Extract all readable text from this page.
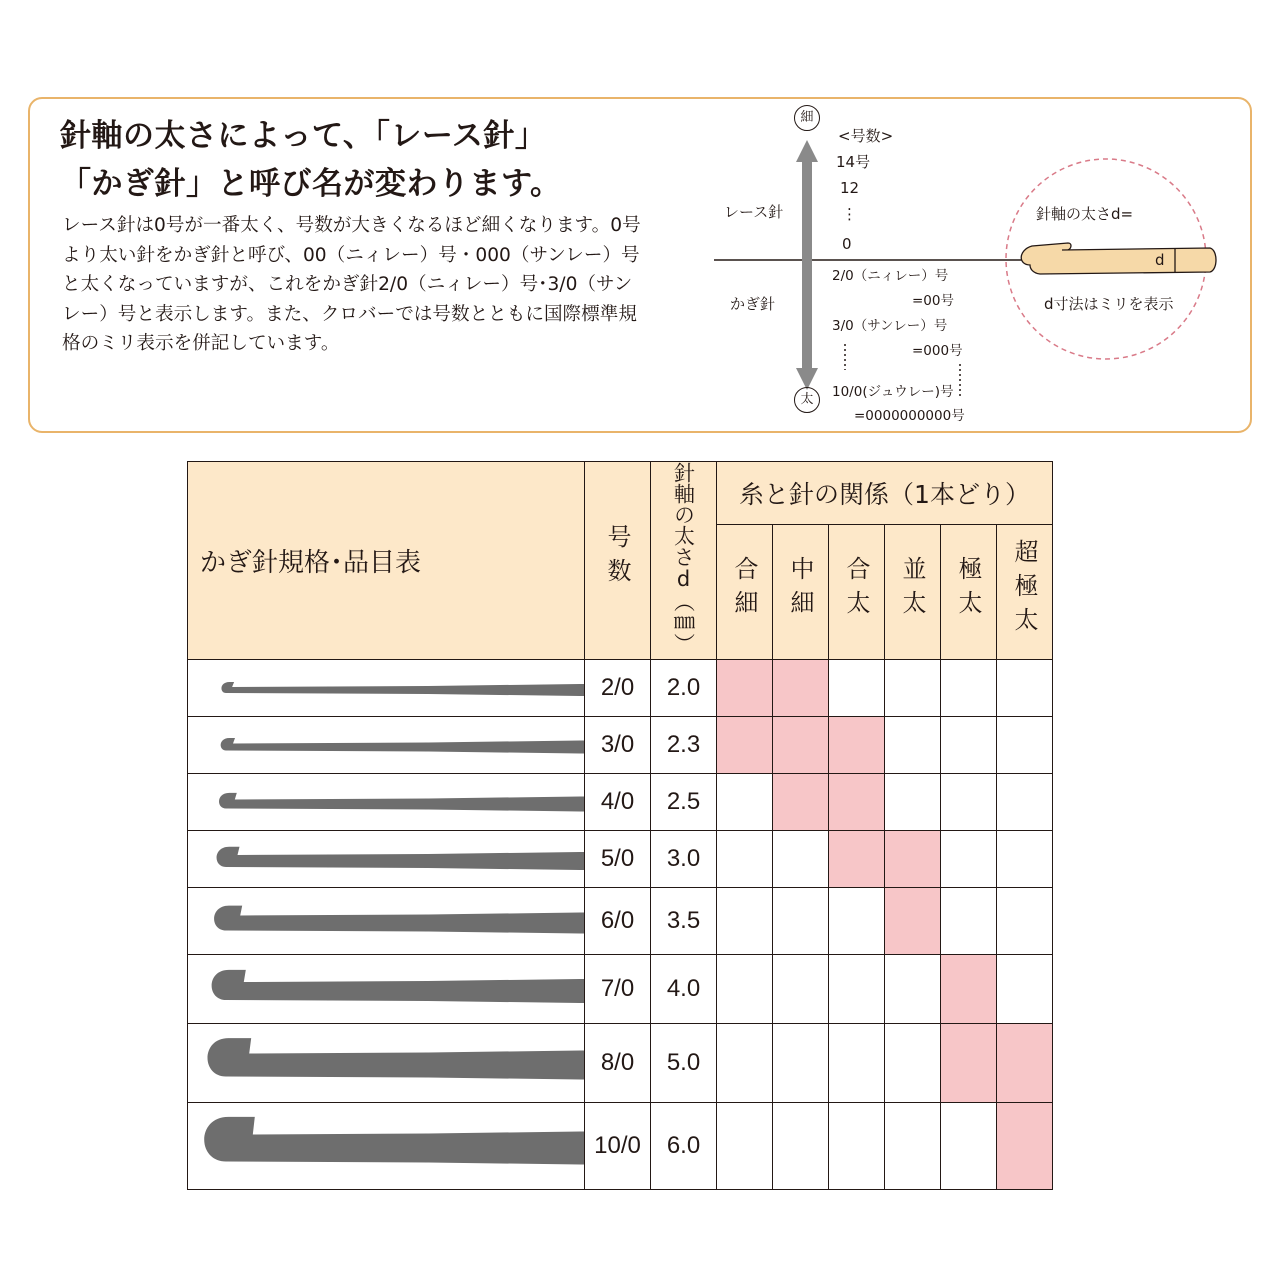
針軸の太さによって、「レース針」
「かぎ針」と呼び名が変わります。
レース針は0号が一番太く、号数が大きくなるほど細くなります。0号より太い針をかぎ針と呼び、00（ニィレー）号・000（サンレー）号と太くなっていますが、これをかぎ針2/0（ニィレー）号･3/0（サンレー）号と表示します。また、クロバーでは号数とともに国際標準規格のミリ表示を併記しています。
細
太
<号数>
14号
12
⋮
0
レース針
かぎ針
2/0（ニィレー）号
=00号
3/0（サンレー）号
=000号
10/0(ジュウレー)号
=0000000000号
針軸の太さd=
d
d寸法はミリを表示
かぎ針規格･品目表	号数	針軸の太さd（㎜）	糸と針の関係（1本どり）					
			合細	中細	合太	並太	極太	超極太

	2/0	2.0						

	3/0	2.3						

	4/0	2.5						

	5/0	3.0						

	6/0	3.5						

	7/0	4.0						

	8/0	5.0						

	10/0	6.0						
